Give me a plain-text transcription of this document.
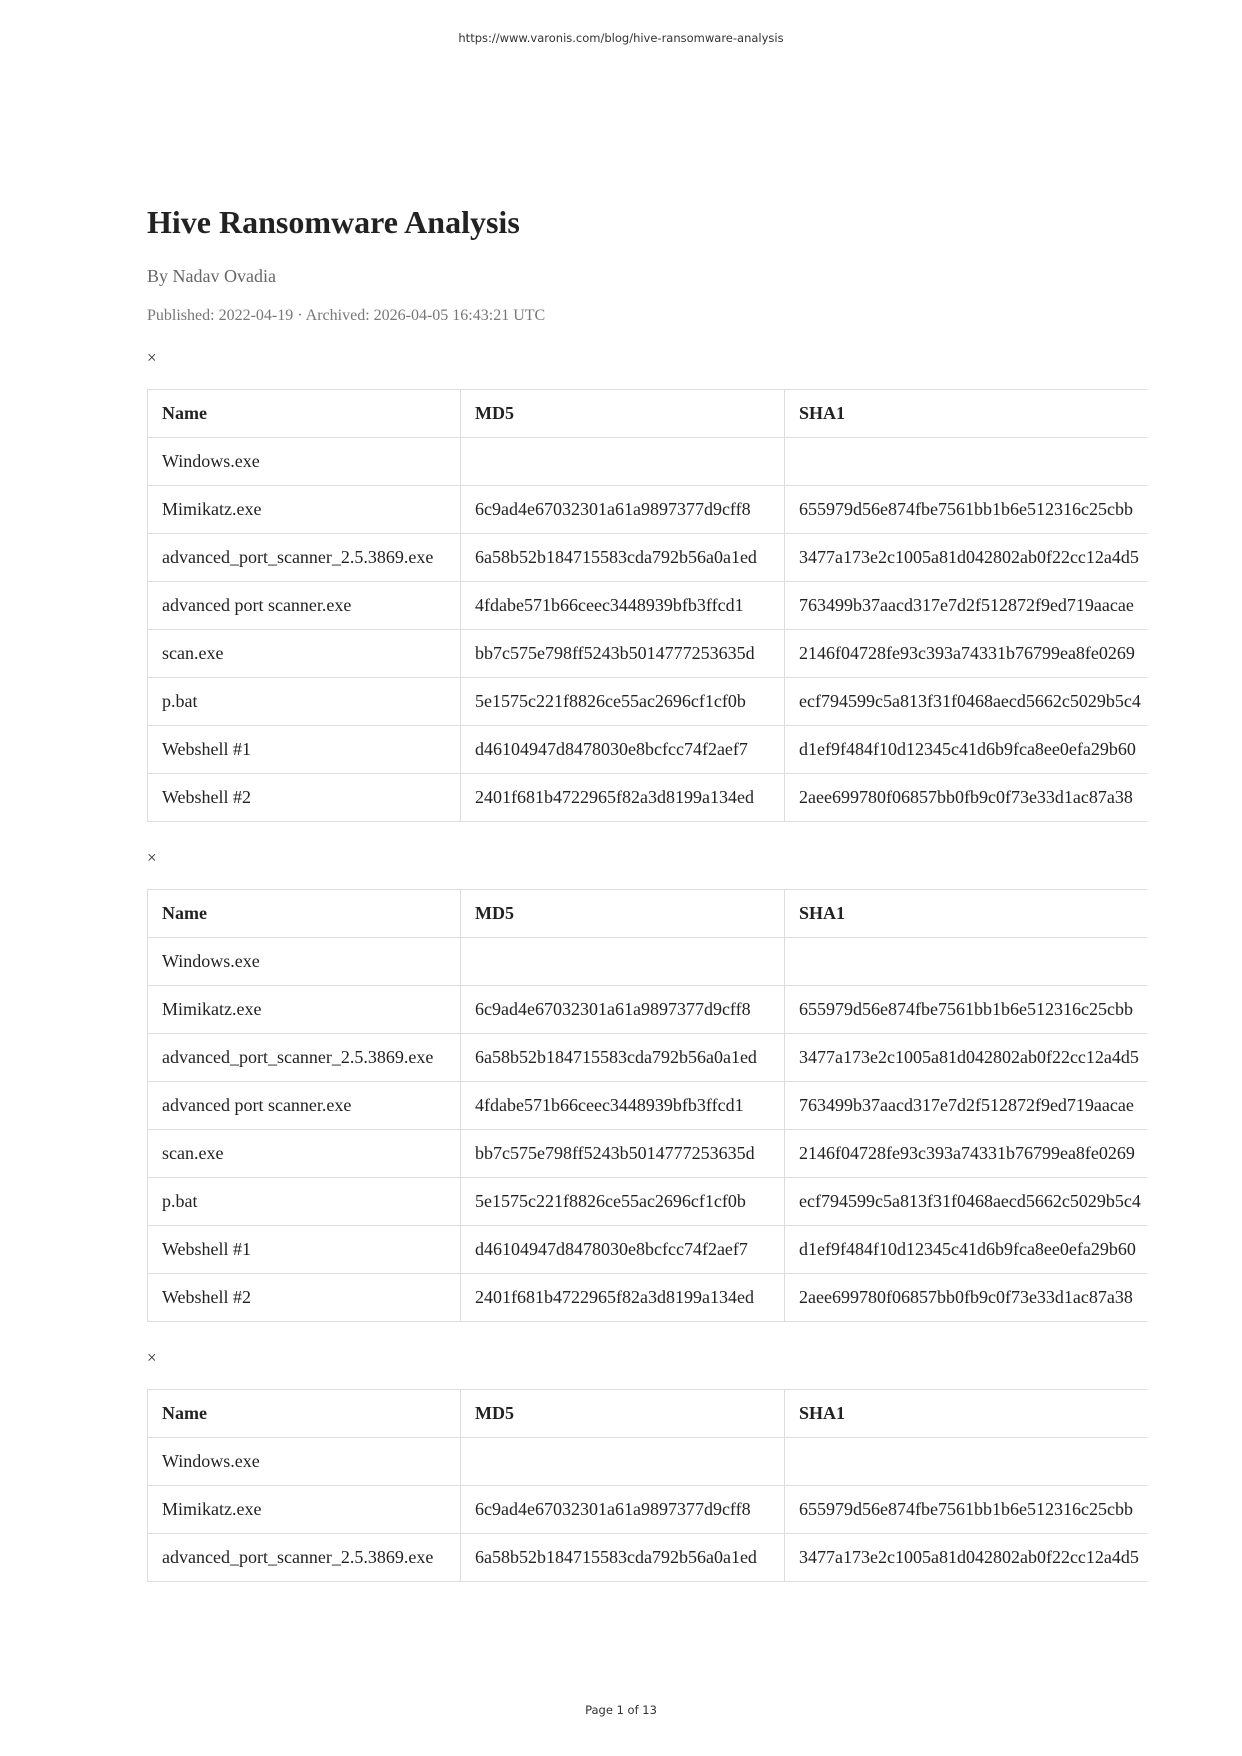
https://www.varonis.com/blog/hive-ransomware-analysis
Hive Ransomware Analysis
By Nadav Ovadia
Published: 2022-04-19 · Archived: 2026-04-05 16:43:21 UTC
×
Name	MD5	SHA1
Windows.exe		
Mimikatz.exe	6c9ad4e67032301a61a9897377d9cff8	655979d56e874fbe7561bb1b6e512316c25cbb
advanced_port_scanner_2.5.3869.exe	6a58b52b184715583cda792b56a0a1ed	3477a173e2c1005a81d042802ab0f22cc12a4d5
advanced port scanner.exe	4fdabe571b66ceec3448939bfb3ffcd1	763499b37aacd317e7d2f512872f9ed719aacae
scan.exe	bb7c575e798ff5243b5014777253635d	2146f04728fe93c393a74331b76799ea8fe0269
p.bat	5e1575c221f8826ce55ac2696cf1cf0b	ecf794599c5a813f31f0468aecd5662c5029b5c4
Webshell #1	d46104947d8478030e8bcfcc74f2aef7	d1ef9f484f10d12345c41d6b9fca8ee0efa29b60
Webshell #2	2401f681b4722965f82a3d8199a134ed	2aee699780f06857bb0fb9c0f73e33d1ac87a38
×
Name	MD5	SHA1
Windows.exe		
Mimikatz.exe	6c9ad4e67032301a61a9897377d9cff8	655979d56e874fbe7561bb1b6e512316c25cbb
advanced_port_scanner_2.5.3869.exe	6a58b52b184715583cda792b56a0a1ed	3477a173e2c1005a81d042802ab0f22cc12a4d5
advanced port scanner.exe	4fdabe571b66ceec3448939bfb3ffcd1	763499b37aacd317e7d2f512872f9ed719aacae
scan.exe	bb7c575e798ff5243b5014777253635d	2146f04728fe93c393a74331b76799ea8fe0269
p.bat	5e1575c221f8826ce55ac2696cf1cf0b	ecf794599c5a813f31f0468aecd5662c5029b5c4
Webshell #1	d46104947d8478030e8bcfcc74f2aef7	d1ef9f484f10d12345c41d6b9fca8ee0efa29b60
Webshell #2	2401f681b4722965f82a3d8199a134ed	2aee699780f06857bb0fb9c0f73e33d1ac87a38
×
Name	MD5	SHA1
Windows.exe		
Mimikatz.exe	6c9ad4e67032301a61a9897377d9cff8	655979d56e874fbe7561bb1b6e512316c25cbb
advanced_port_scanner_2.5.3869.exe	6a58b52b184715583cda792b56a0a1ed	3477a173e2c1005a81d042802ab0f22cc12a4d5
Page 1 of 13
